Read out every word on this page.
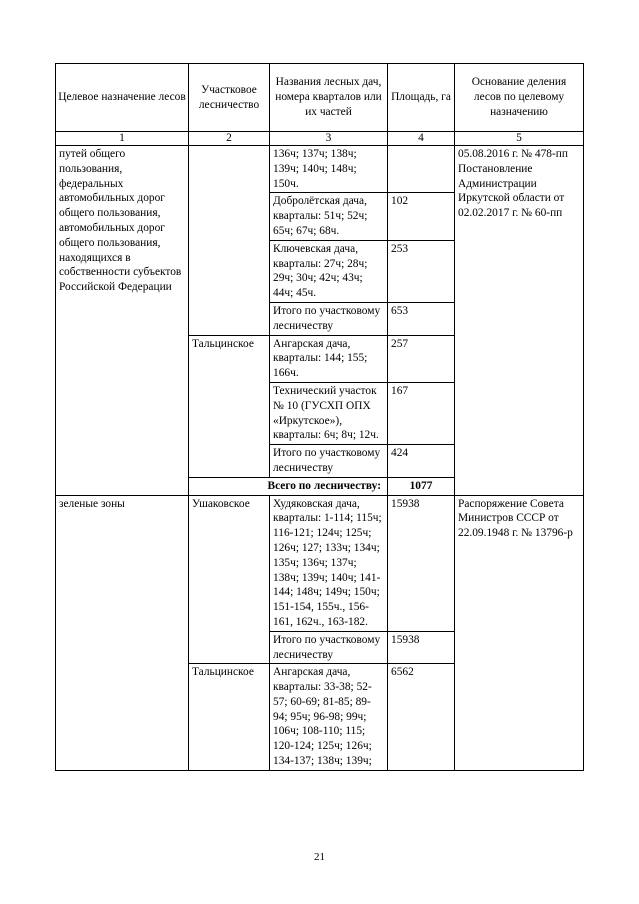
Целевое назначение лесов	Участковое лесничество	Названия лесных дач, номера кварталов или их частей	Площадь, га	Основание деления лесов по целевому назначению
1	2	3	4	5
путей общего пользования, федеральных автомобильных дорог общего пользования, автомобильных дорог общего пользования, находящихся в собственности субъектов Российской Федерации		136ч; 137ч; 138ч; 139ч; 140ч; 148ч; 150ч.		05.08.2016 г. № 478-пп Постановление Администрации Иркутской области от 02.02.2017 г. № 60-пп
		Добролётская дача, кварталы: 51ч; 52ч; 65ч; 67ч; 68ч.	102	
		Ключевская дача, кварталы: 27ч; 28ч; 29ч; 30ч; 42ч; 43ч; 44ч; 45ч.	253	
		Итого по участковому лесничеству	653	
	Тальцинское	Ангарская дача, кварталы: 144; 155; 166ч.	257	
		Технический участок № 10 (ГУСХП ОПХ «Иркутское»), кварталы: 6ч; 8ч; 12ч.	167	
		Итого по участковому лесничеству	424	
	Всего по лесничеству:		1077	
зеленые зоны	Ушаковское	Худяковская дача, кварталы: 1-114; 115ч; 116-121; 124ч; 125ч; 126ч; 127; 133ч; 134ч; 135ч; 136ч; 137ч; 138ч; 139ч; 140ч; 141-144; 148ч; 149ч; 150ч; 151-154, 155ч., 156-161, 162ч., 163-182.	15938	Распоряжение Совета Министров СССР от 22.09.1948 г. № 13796-р
		Итого по участковому лесничеству	15938	
	Тальцинское	Ангарская дача, кварталы: 33-38; 52-57; 60-69; 81-85; 89-94; 95ч; 96-98; 99ч; 106ч; 108-110; 115; 120-124; 125ч; 126ч; 134-137; 138ч; 139ч;	6562	
21
